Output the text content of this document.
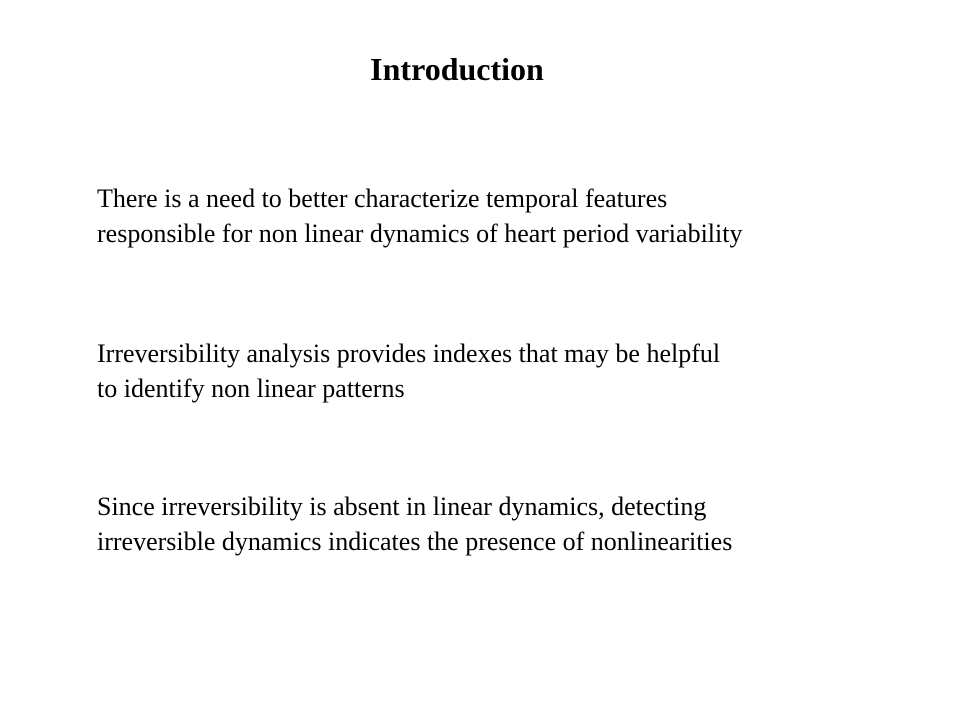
Introduction

There is a need to better characterize temporal features
responsible for non linear dynamics of heart period variability

Irreversibility analysis provides indexes that may be helpful
to identify non linear patterns

Since irreversibility is absent in linear dynamics, detecting
irreversible dynamics indicates the presence of nonlinearities
